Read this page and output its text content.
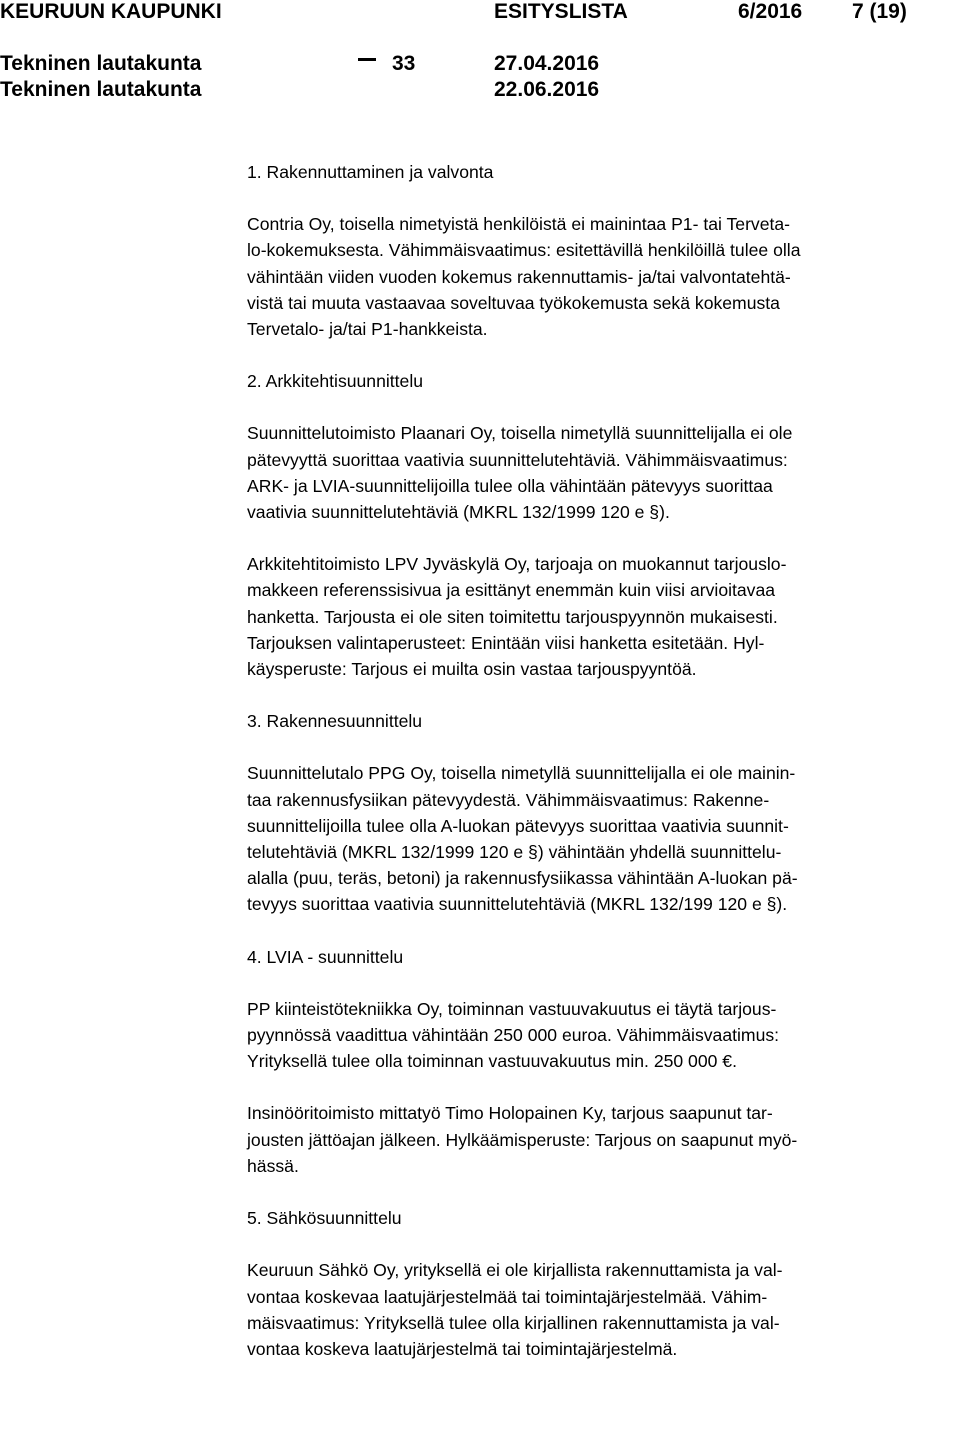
KEURUUN KAUPUNKI	ESITYSLISTA	6/2016 7 (19)
Tekninen lautakunta	33	27.04.2016
Tekninen lautakunta	22.06.2016
1. Rakennuttaminen ja valvonta
Contria Oy, toisella nimetyistä henkilöistä ei mainintaa P1- tai Terveta-
lo-kokemuksesta. Vähimmäisvaatimus: esitettävillä henkilöillä tulee olla
vähintään viiden vuoden kokemus rakennuttamis- ja/tai valvontatehtä-
vistä tai muuta vastaavaa soveltuvaa työkokemusta sekä kokemusta
Tervetalo- ja/tai P1-hankkeista.
2. Arkkitehtisuunnittelu
Suunnittelutoimisto Plaanari Oy, toisella nimetyllä suunnittelijalla ei ole
pätevyyttä suorittaa vaativia suunnittelutehtäviä. Vähimmäisvaatimus:
ARK- ja LVIA-suunnittelijoilla tulee olla vähintään pätevyys suorittaa
vaativia suunnittelutehtäviä (MKRL 132/1999 120 e §).
Arkkitehtitoimisto LPV Jyväskylä Oy, tarjoaja on muokannut tarjouslo-
makkeen referenssisivua ja esittänyt enemmän kuin viisi arvioitavaa
hanketta. Tarjousta ei ole siten toimitettu tarjouspyynnön mukaisesti.
Tarjouksen valintaperusteet: Enintään viisi hanketta esitetään. Hyl-
käysperuste: Tarjous ei muilta osin vastaa tarjouspyyntöä.
3. Rakennesuunnittelu
Suunnittelutalo PPG Oy, toisella nimetyllä suunnittelijalla ei ole mainin-
taa rakennusfysiikan pätevyydestä. Vähimmäisvaatimus: Rakenne-
suunnittelijoilla tulee olla A-luokan pätevyys suorittaa vaativia suunnit-
telutehtäviä (MKRL 132/1999 120 e §) vähintään yhdellä suunnittelu-
alalla (puu, teräs, betoni) ja rakennusfysiikassa vähintään A-luokan pä-
tevyys suorittaa vaativia suunnittelutehtäviä (MKRL 132/199 120 e §).
4. LVIA - suunnittelu
PP kiinteistötekniikka Oy, toiminnan vastuuvakuutus ei täytä tarjous-
pyynnössä vaadittua vähintään 250 000 euroa. Vähimmäisvaatimus:
Yrityksellä tulee olla toiminnan vastuuvakuutus min. 250 000 €.
Insinööritoimisto mittatyö Timo Holopainen Ky, tarjous saapunut tar-
jousten jättöajan jälkeen. Hylkäämisperuste: Tarjous on saapunut myö-
hässä.
5. Sähkösuunnittelu
Keuruun Sähkö Oy, yrityksellä ei ole kirjallista rakennuttamista ja val-
vontaa koskevaa laatujärjestelmää tai toimintajärjestelmää. Vähim-
mäisvaatimus: Yrityksellä tulee olla kirjallinen rakennuttamista ja val-
vontaa koskeva laatujärjestelmä tai toimintajärjestelmä.
